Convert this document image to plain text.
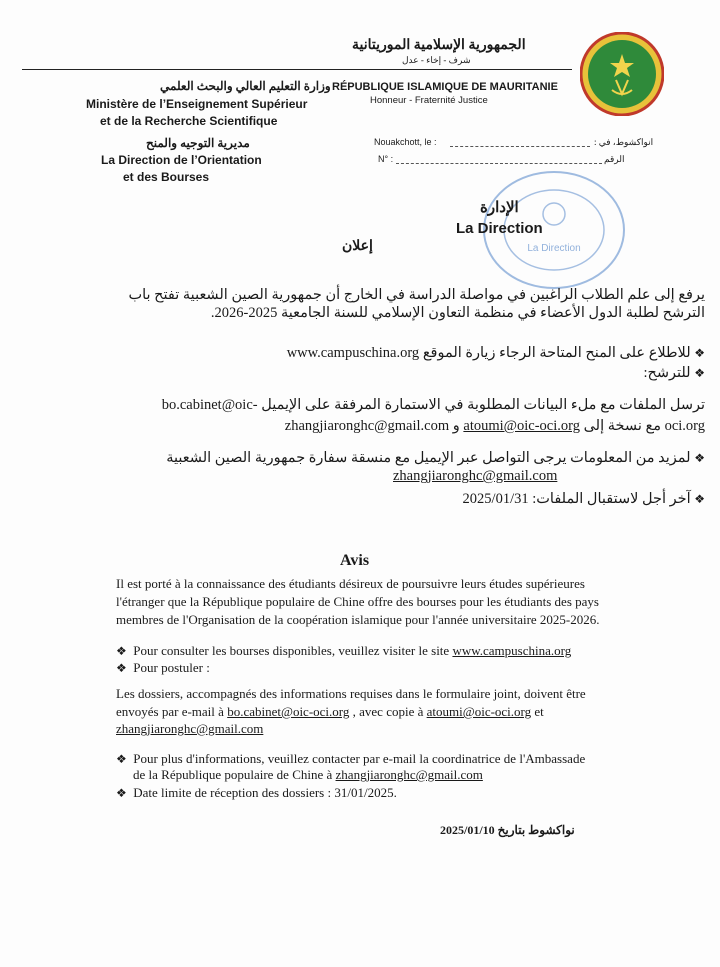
الجمهورية الإسلامية الموريتانية
شرف - إخاء - عدل
RÉPUBLIQUE ISLAMIQUE DE MAURITANIE
Honneur - Fraternité Justice
وزارة التعليم العالي والبحث العلمي
Ministère de l’Enseignement Supérieur
et de la Recherche Scientifique
مديرية التوجيه والمنح
La Direction de l’Orientation
et des Bourses
Nouakchott, le :	انواكشوط، في :
N° :	الرقم
La Direction
الإدارة
La Direction
إعلان
يرفع إلى علم الطلاب الراغبين في مواصلة الدراسة في الخارج أن جمهورية الصين الشعبية تفتح باب
الترشح لطلبة الدول الأعضاء في منظمة التعاون الإسلامي للسنة الجامعية 2025-2026.
❖ للاطلاع على المنح المتاحة الرجاء زيارة الموقع www.campuschina.org
❖ للترشح:
ترسل الملفات مع ملء البيانات المطلوبة في الاستمارة المرفقة على الإيميل bo.cabinet@oic-
oci.org مع نسخة إلى atoumi@oic-oci.org و zhangjiaronghc@gmail.com
❖ لمزيد من المعلومات يرجى التواصل عبر الإيميل مع منسقة سفارة جمهورية الصين الشعبية
zhangjiaronghc@gmail.com
❖ آخر أجل لاستقبال الملفات: 2025/01/31
Avis
Il est porté à la connaissance des étudiants désireux de poursuivre leurs études supérieures
l'étranger que la République populaire de Chine offre des bourses pour les étudiants des pays
membres de l'Organisation de la coopération islamique pour l'année universitaire 2025-2026.
❖ Pour consulter les bourses disponibles, veuillez visiter le site www.campuschina.org
❖ Pour postuler :
Les dossiers, accompagnés des informations requises dans le formulaire joint, doivent être
envoyés par e-mail à bo.cabinet@oic-oci.org , avec copie à atoumi@oic-oci.org et
zhangjiaronghc@gmail.com
❖ Pour plus d'informations, veuillez contacter par e-mail la coordinatrice de l'Ambassade
de la République populaire de Chine à zhangjiaronghc@gmail.com
❖ Date limite de réception des dossiers : 31/01/2025.
نواكشوط بتاريخ 2025/01/10
